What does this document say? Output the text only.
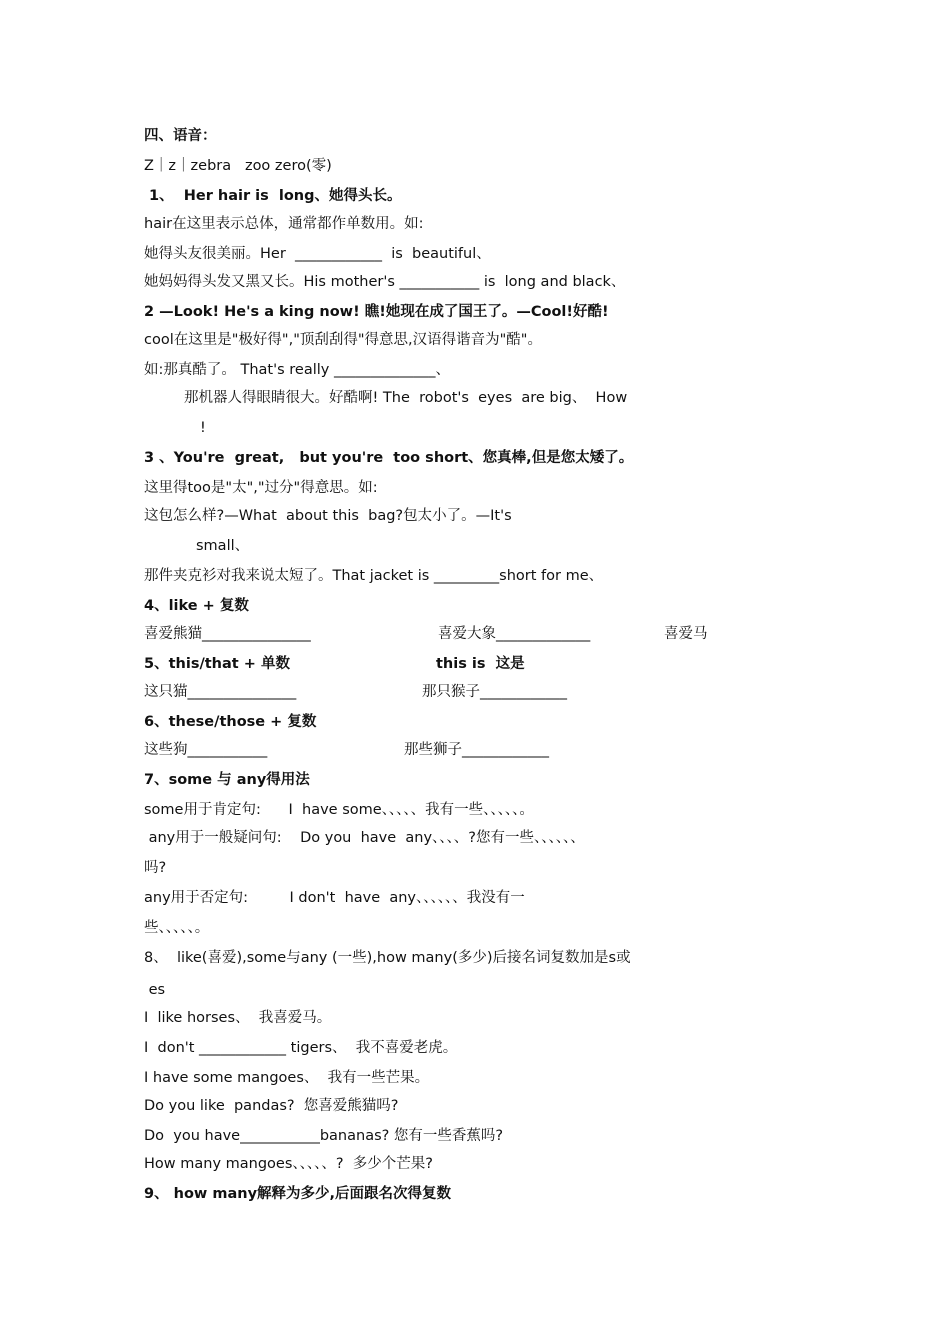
四、语音：
Z｜z｜zebra   zoo zero(零)
1、  Her hair is  long、她得头长。
hair在这里表示总体，通常都作单数用。如:
她得头友很美丽。Her  ____________  is  beautiful、
她妈妈得头发又黑又长。His mother's ___________ is  long and black、
2 —Look! He's a king now! 瞧!她现在成了国王了。—Cool!好酷!
cool在这里是"极好得","顶刮刮得"得意思,汉语得谐音为"酷"。
如:那真酷了。 That's really ______________、
那机器人得眼睛很大。好酷啊! The  robot's  eyes  are big、  How
!
3 、You're  great,   but you're  too short、您真棒,但是您太矮了。
这里得too是"太","过分"得意思。如:
这包怎么样?—What  about this  bag?包太小了。—It's
small、
那件夹克衫对我来说太短了。That jacket is _________short for me、
4、like + 复数
喜爱熊猫_______________	喜爱大象_____________	喜爱马
5、this/that + 单数	this is  这是
这只猫_______________	那只猴子____________
6、these/those + 复数
这些狗___________	那些狮子____________
7、some 与 any得用法
some用于肯定句:      I  have some、、、、、我有一些、、、、、。
any用于一般疑问句:    Do you  have  any、、、、?您有一些、、、、、、
吗?
any用于否定句:         I don't  have  any、、、、、、我没有一
些、、、、、。
8、  like(喜爱),some与any (一些),how many(多少)后接名词复数加是s或
es
I  like horses、  我喜爱马。
I  don't ____________ tigers、  我不喜爱老虎。
I have some mangoes、  我有一些芒果。
Do you like  pandas?  您喜爱熊猫吗?
Do  you have___________bananas? 您有一些香蕉吗?
How many mangoes、、、、、?  多少个芒果?
9、 how many解释为多少,后面跟名次得复数
